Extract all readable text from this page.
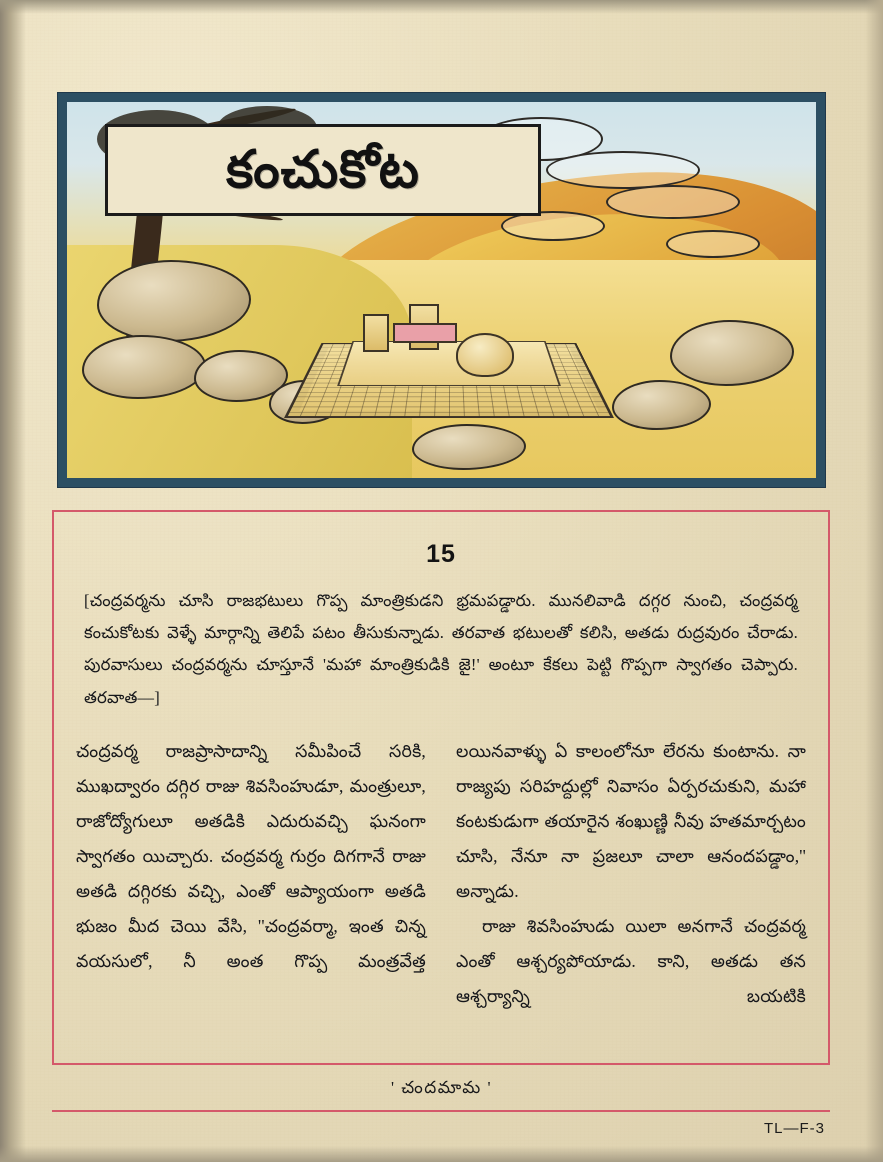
కంచుకోట
15
[చంద్రవర్మను చూసి రాజభటులు గొప్ప మాంత్రికుడని భ్రమపడ్డారు. మునలివాడి దగ్గర నుంచి, చంద్రవర్మ కంచుకోటకు వెళ్ళే మార్గాన్ని తెలిపే పటం తీసుకున్నాడు. తరవాత భటులతో కలిసి, అతడు రుద్రవురం చేరాడు. పురవాసులు చంద్రవర్మను చూస్తూనే 'మహా మాంత్రికుడికి జై!' అంటూ కేకలు పెట్టి గొప్పగా స్వాగతం చెప్పారు. తరవాత—]

చంద్రవర్మ రాజప్రాసాదాన్ని సమీపించే సరికి, ముఖద్వారం దగ్గిర రాజు శివసింహుడూ, మంత్రులూ, రాజోద్యోగులూ అతడికి ఎదురువచ్చి ఘనంగా స్వాగతం యిచ్చారు. చంద్రవర్మ గుర్రం దిగగానే రాజు అతడి దగ్గిరకు వచ్చి, ఎంతో ఆప్యాయంగా అతడి భుజం మీద చెయి వేసి, ''చంద్రవర్మా, ఇంత చిన్న వయసులో, నీ అంత గొప్ప మంత్రవేత్త

లయినవాళ్ళు ఏ కాలంలోనూ లేరను కుంటాను. నా రాజ్యపు సరిహద్దుల్లో నివాసం ఏర్పరచుకుని, మహా కంటకుడుగా తయారైన శంఖుణ్ణి నీవు హతమార్చటం చూసి, నేనూ నా ప్రజలూ చాలా ఆనందపడ్డాం,'' అన్నాడు.

రాజు శివసింహుడు యిలా అనగానే చంద్రవర్మ ఎంతో ఆశ్చర్యపోయాడు. కాని, అతడు తన ఆశ్చర్యాన్ని బయటికి

' చందమామ '
TL—F-3
